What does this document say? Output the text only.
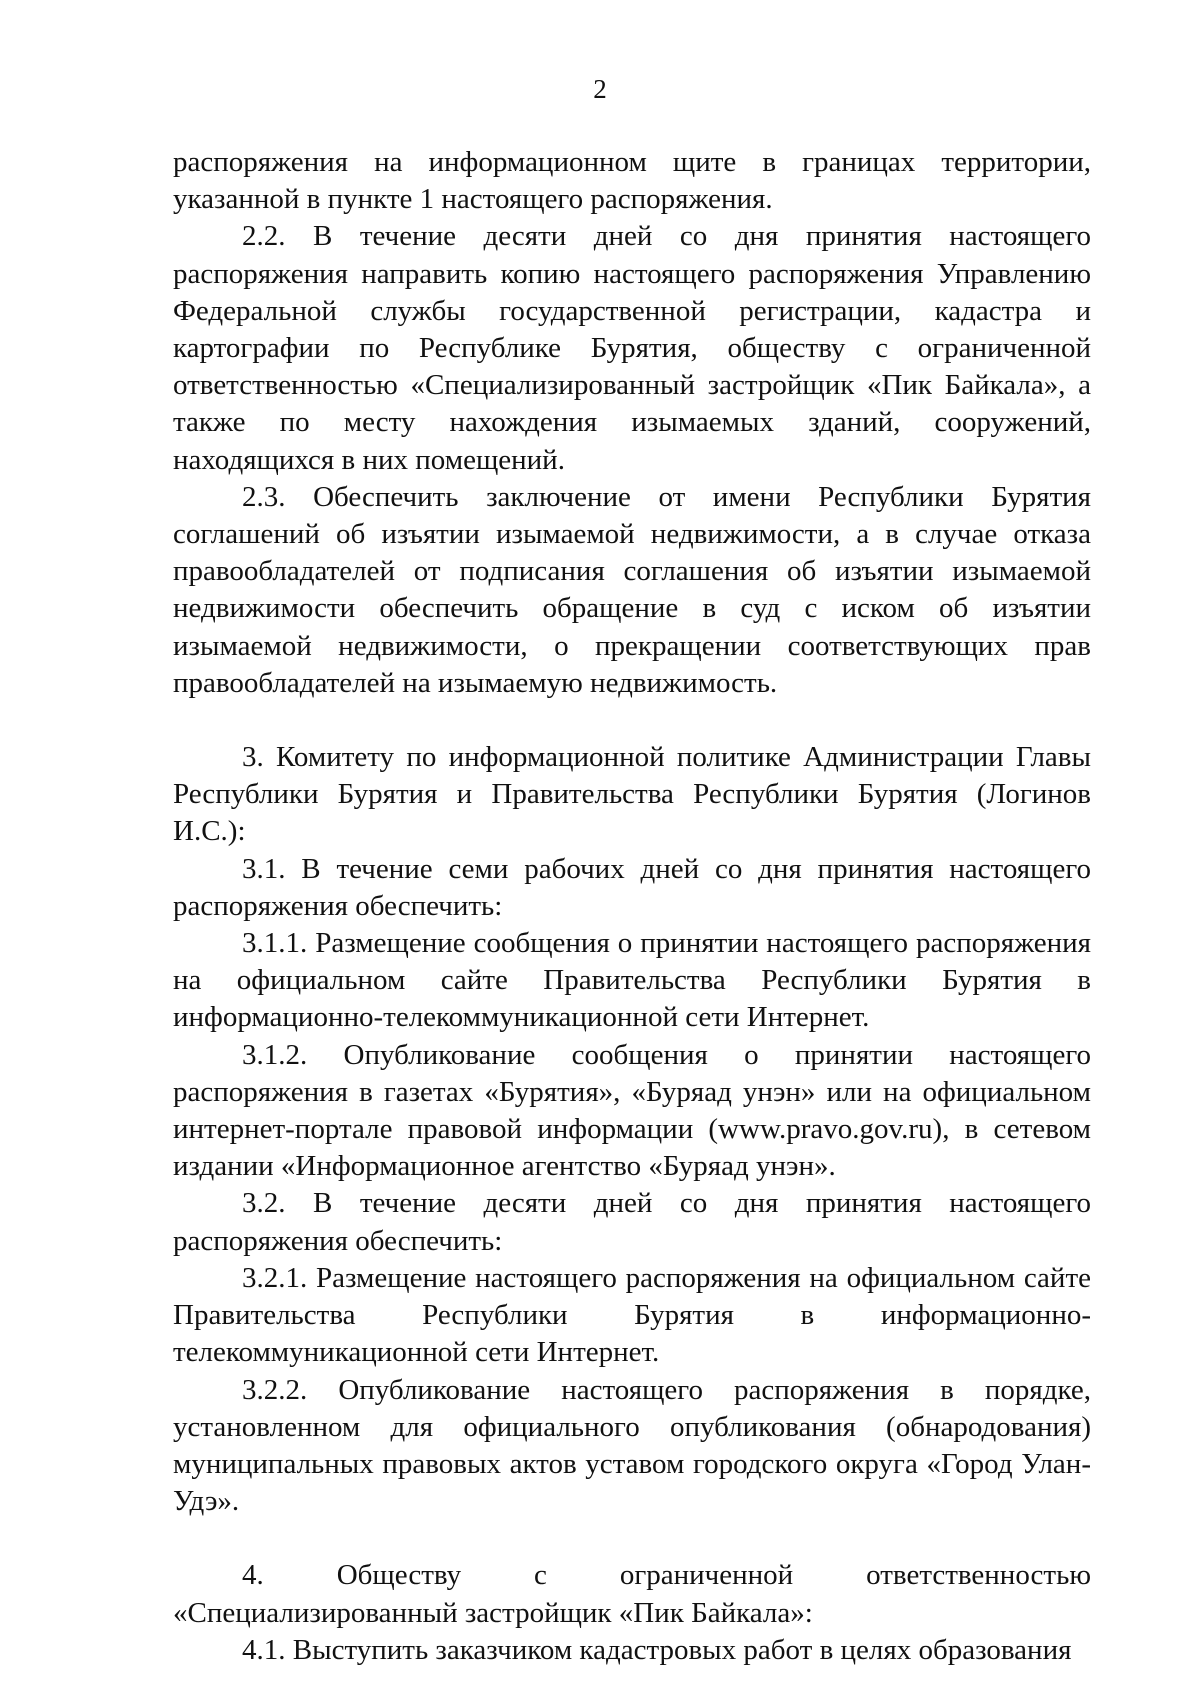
2

распоряжения на информационном щите в границах территории, указанной в пункте 1 настоящего распоряжения.

2.2. В течение десяти дней со дня принятия настоящего распоряжения направить копию настоящего распоряжения Управлению Федеральной службы государственной регистрации, кадастра и картографии по Республике Бурятия, обществу с ограниченной ответственностью «Специализированный застройщик «Пик Байкала», а также по месту нахождения изымаемых зданий, сооружений, находящихся в них помещений.

2.3. Обеспечить заключение от имени Республики Бурятия соглашений об изъятии изымаемой недвижимости, а в случае отказа правообладателей от подписания соглашения об изъятии изымаемой недвижимости обеспечить обращение в суд с иском об изъятии изымаемой недвижимости, о прекращении соответствующих прав правообладателей на изымаемую недвижимость.

3. Комитету по информационной политике Администрации Главы Республики Бурятия и Правительства Республики Бурятия (Логинов И.С.):

3.1. В течение семи рабочих дней со дня принятия настоящего распоряжения обеспечить:

3.1.1. Размещение сообщения о принятии настоящего распоряжения на официальном сайте Правительства Республики Бурятия в информационно-телекоммуникационной сети Интернет.

3.1.2. Опубликование сообщения о принятии настоящего распоряжения в газетах «Бурятия», «Буряад унэн» или на официальном интернет-портале правовой информации (www.pravo.gov.ru), в сетевом издании «Информационное агентство «Буряад унэн».

3.2. В течение десяти дней со дня принятия настоящего распоряжения обеспечить:

3.2.1. Размещение настоящего распоряжения на официальном сайте Правительства Республики Бурятия в информационно-телекоммуникационной сети Интернет.

3.2.2. Опубликование настоящего распоряжения в порядке, установленном для официального опубликования (обнародования) муниципальных правовых актов уставом городского округа «Город Улан-Удэ».

4. Обществу с ограниченной ответственностью «Специализированный застройщик «Пик Байкала»:

4.1. Выступить заказчиком кадастровых работ в целях образования
